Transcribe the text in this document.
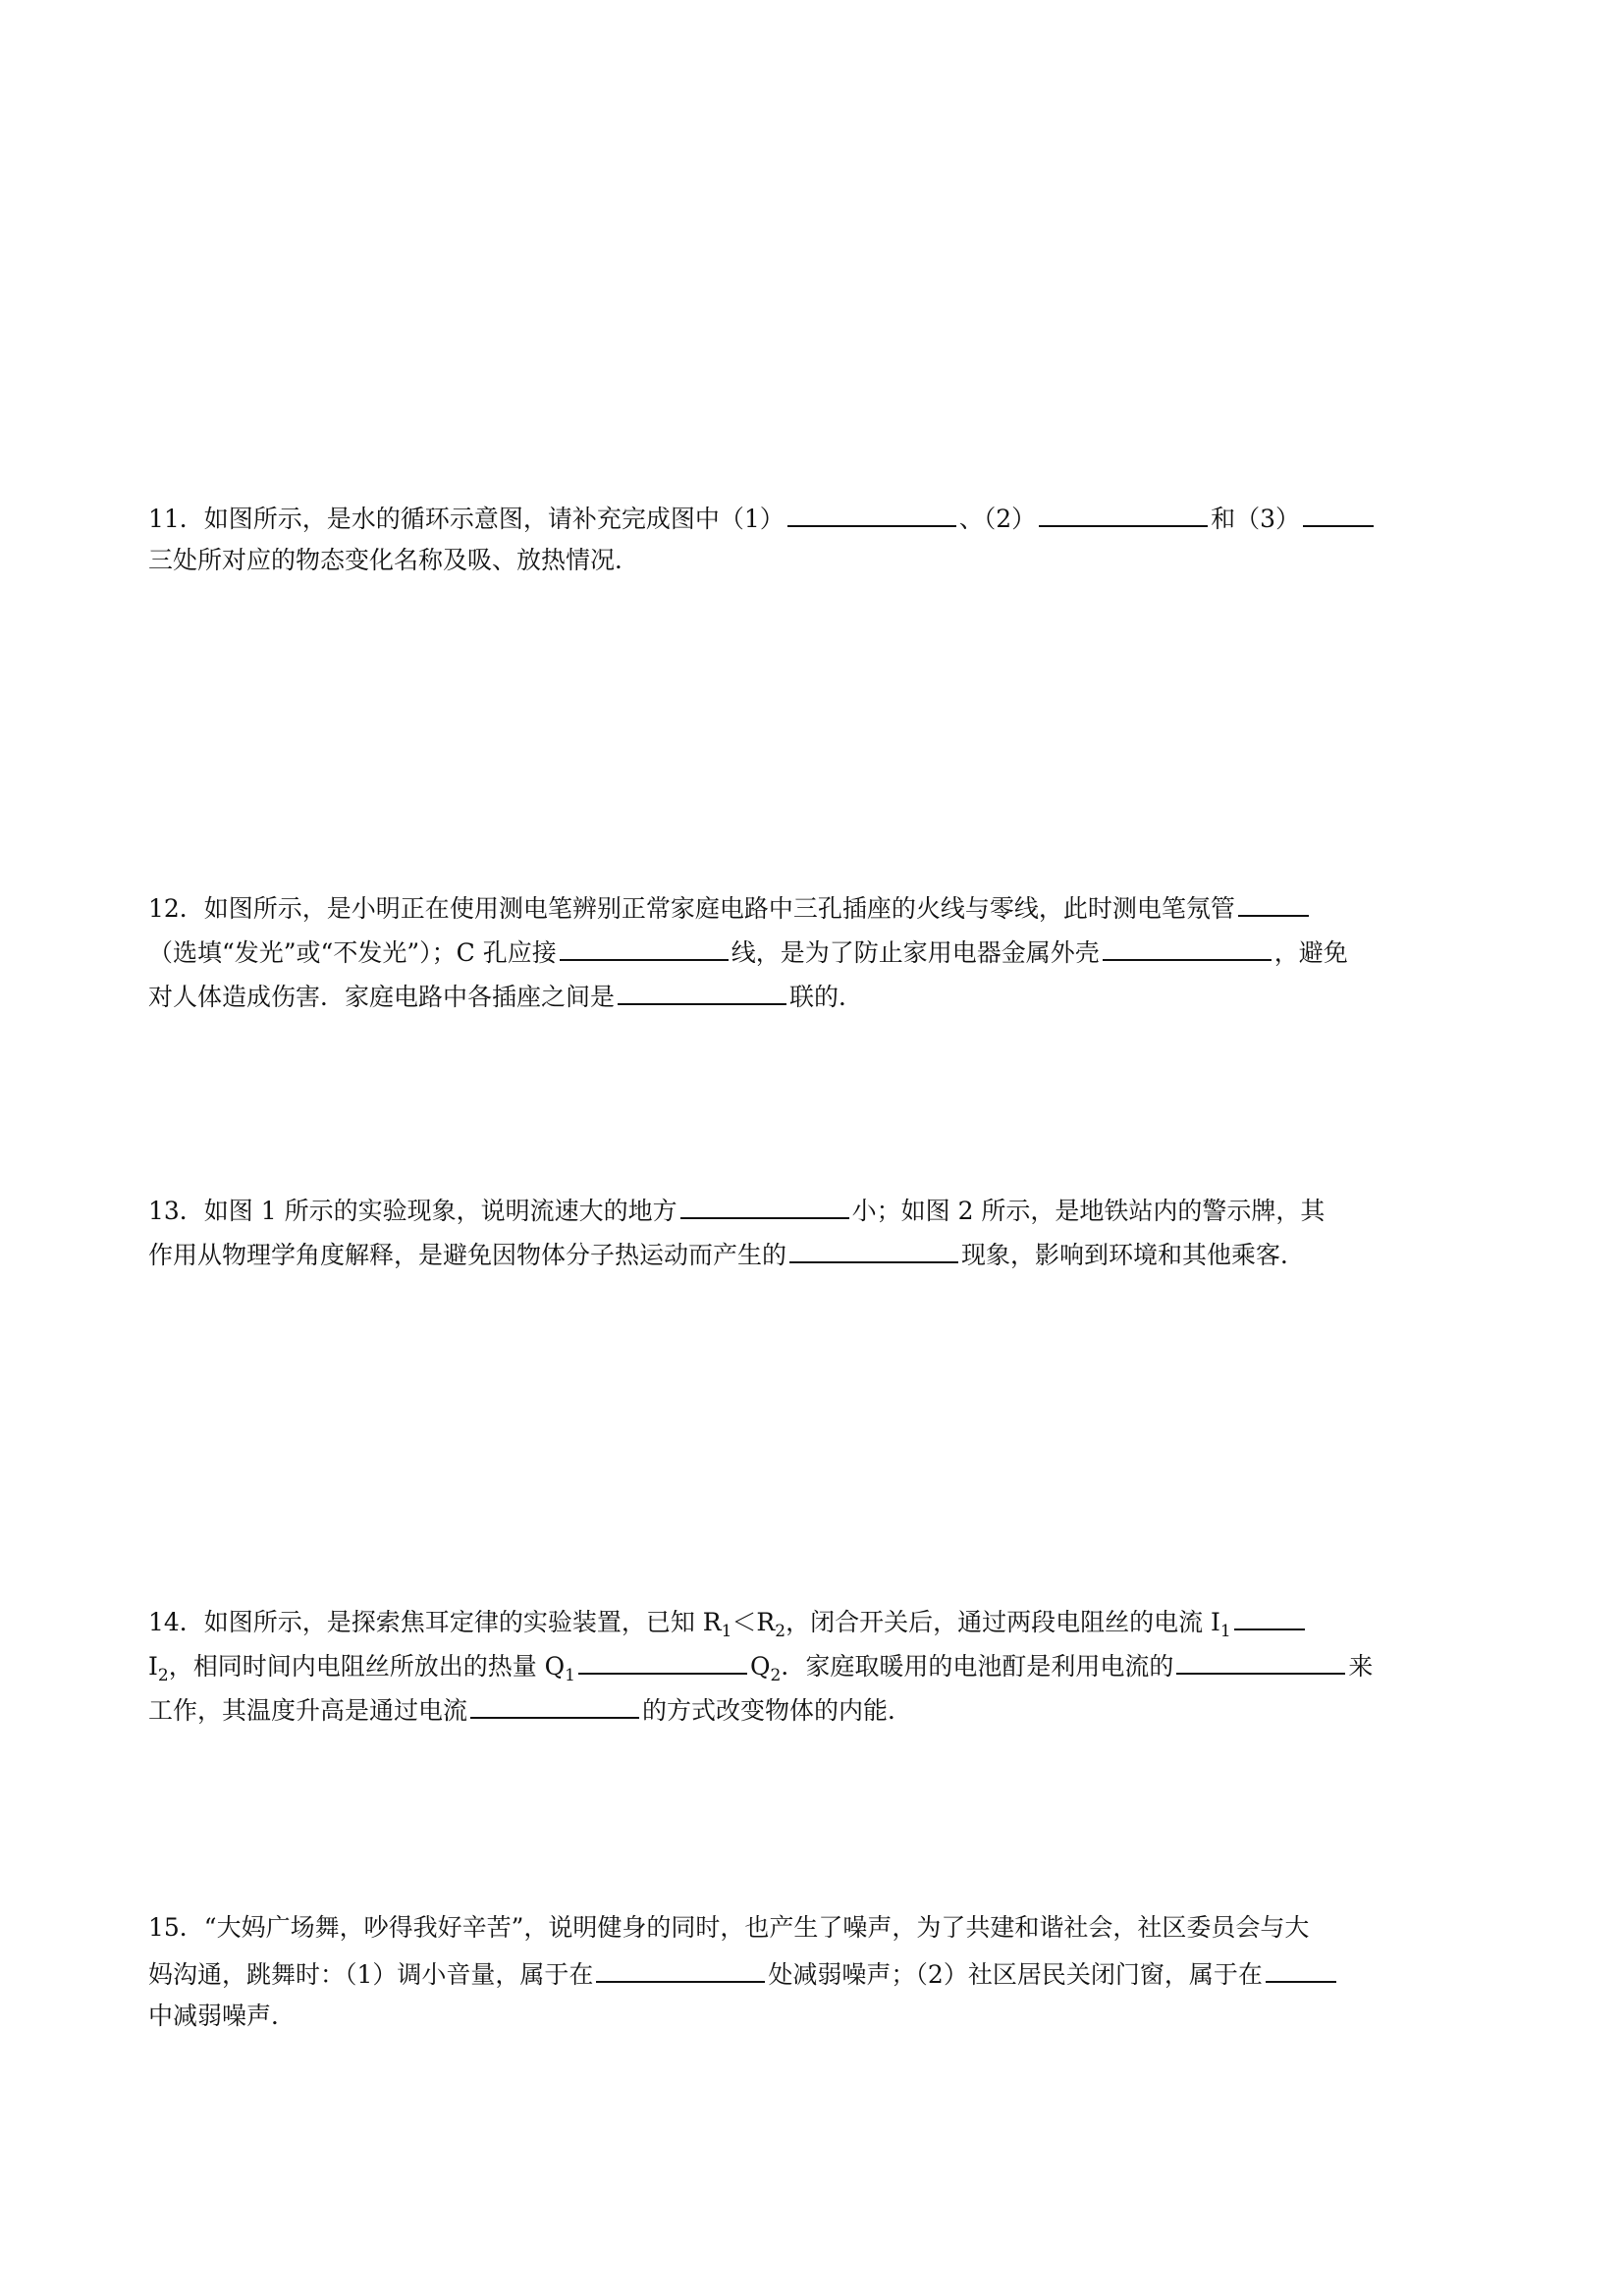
11．如图所示，是水的循环示意图，请补充完成图中（1）	、（2）	和（3）
三处所对应的物态变化名称及吸、放热情况．
12．如图所示，是小明正在使用测电笔辨别正常家庭电路中三孔插座的火线与零线，此时测电笔氖管
（选填“发光”或“不发光”）；C 孔应接	线，是为了防止家用电器金属外壳	，避免
对人体造成伤害．家庭电路中各插座之间是	联的．
13．如图 1 所示的实验现象，说明流速大的地方	小；如图 2 所示，是地铁站内的警示牌，其
作用从物理学角度解释，是避免因物体分子热运动而产生的	现象，影响到环境和其他乘客．
14．如图所示，是探索焦耳定律的实验装置，已知 $R_1<R_2$，闭合开关后，通过两段电阻丝的电流 $I_1$
$I_2$，相同时间内电阻丝所放出的热量 $Q_1$	$Q_2$．家庭取暖用的电池酊是利用电流的	来
工作，其温度升高是通过电流	的方式改变物体的内能．
15．“大妈广场舞，吵得我好辛苦”，说明健身的同时，也产生了噪声，为了共建和谐社会，社区委员会与大
妈沟通，跳舞时：（1）调小音量，属于在	处减弱噪声；（2）社区居民关闭门窗，属于在
中减弱噪声．
